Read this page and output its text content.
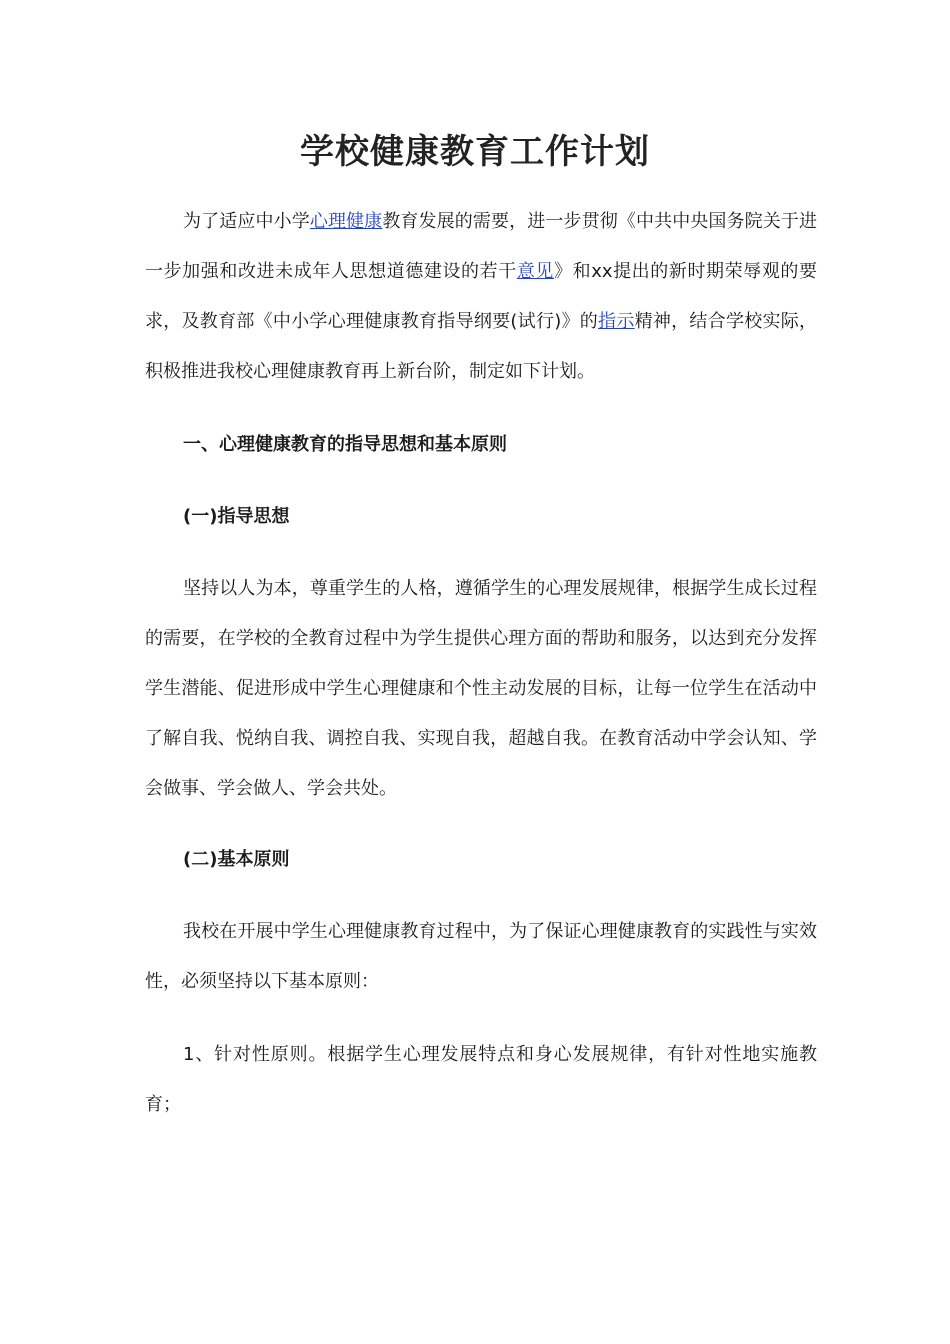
学校健康教育工作计划
为了适应中小学心理健康教育发展的需要，进一步贯彻《中共中央国务院关于进一步加强和改进未成年人思想道德建设的若干意见》和xx提出的新时期荣辱观的要求，及教育部《中小学心理健康教育指导纲要(试行)》的指示精神，结合学校实际，积极推进我校心理健康教育再上新台阶，制定如下计划。
一、心理健康教育的指导思想和基本原则
(一)指导思想
坚持以人为本，尊重学生的人格，遵循学生的心理发展规律，根据学生成长过程的需要，在学校的全教育过程中为学生提供心理方面的帮助和服务，以达到充分发挥学生潜能、促进形成中学生心理健康和个性主动发展的目标，让每一位学生在活动中了解自我、悦纳自我、调控自我、实现自我，超越自我。在教育活动中学会认知、学会做事、学会做人、学会共处。
(二)基本原则
我校在开展中学生心理健康教育过程中，为了保证心理健康教育的实践性与实效性，必须坚持以下基本原则：
1、针对性原则。根据学生心理发展特点和身心发展规律，有针对性地实施教育；
